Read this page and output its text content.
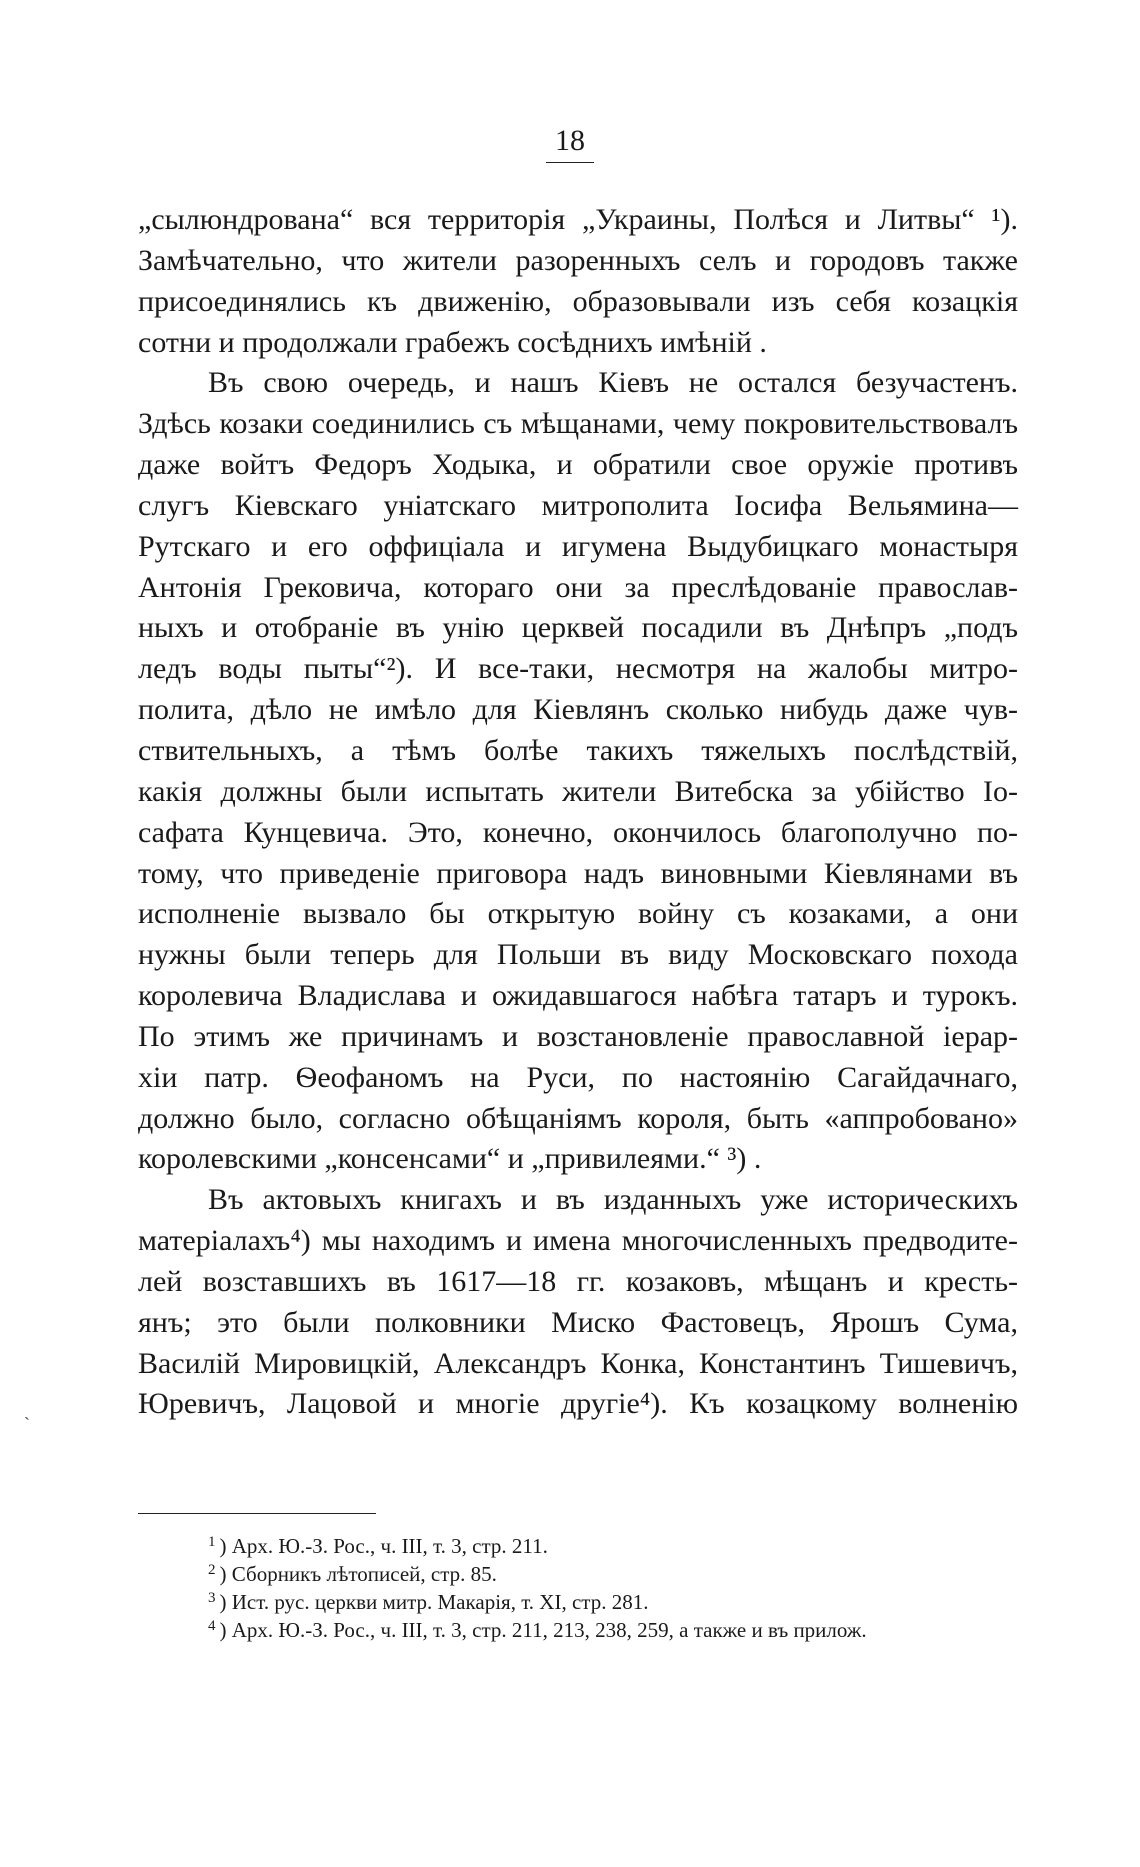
18
„сылюндрована“ вся территорія „Украины, Полѣся и Литвы“ ¹).
Замѣчательно, что жители разоренныхъ селъ и городовъ также
присоединялись къ движенію, образовывали изъ себя козацкія
сотни и продолжали грабежъ сосѣднихъ имѣній .
Въ свою очередь, и нашъ Кіевъ не остался безучастенъ.
Здѣсь козаки соединились съ мѣщанами, чему покровительствовалъ
даже войтъ Федоръ Ходыка, и обратили свое оружіе противъ
слугъ Кіевскаго уніатскаго митрополита Іосифа Вельямина—
Рутскаго и его оффиціала и игумена Выдубицкаго монастыря
Антонія Грековича, котораго они за преслѣдованіе православ-
ныхъ и отобраніе въ унію церквей посадили въ Днѣпръ „подъ
ледъ воды пыты“²). И все-таки, несмотря на жалобы митро-
полита, дѣло не имѣло для Кіевлянъ сколько нибудь даже чув-
ствительныхъ, а тѣмъ болѣе такихъ тяжелыхъ послѣдствій,
какія должны были испытать жители Витебска за убійство Іо-
сафата Кунцевича. Это, конечно, окончилось благополучно по-
тому, что приведеніе приговора надъ виновными Кіевлянами въ
исполненіе вызвало бы открытую войну съ козаками, а они
нужны были теперь для Польши въ виду Московскаго похода
королевича Владислава и ожидавшагося набѣга татаръ и турокъ.
По этимъ же причинамъ и возстановленіе православной іерар-
хіи патр. Ѳеофаномъ на Руси, по настоянію Сагайдачнаго,
должно было, согласно обѣщаніямъ короля, быть «аппробовано»
королевскими „консенсами“ и „привилеями.“ ³) .
Въ актовыхъ книгахъ и въ изданныхъ уже историческихъ
матеріалахъ⁴) мы находимъ и имена многочисленныхъ предводите-
лей возставшихъ въ 1617—18 гг. козаковъ, мѣщанъ и кресть-
янъ; это были полковники Миско Фастовецъ, Ярошъ Сума,
Василій Мировицкій, Александръ Конка, Константинъ Тишевичъ,
Юревичъ, Лацовой и многіе другіе⁴). Къ козацкому волненію
ˏ
$^1$ ) Арх. Ю.-З. Рос., ч. III, т. 3, стр. 211.
$^2$ ) Сборникъ лѣтописей, стр. 85.
$^3$ ) Ист. рус. церкви митр. Макарія, т. XI, стр. 281.
$^4$ ) Арх. Ю.-З. Рос., ч. III, т. 3, стр. 211, 213, 238, 259, а также и въ прилож.
